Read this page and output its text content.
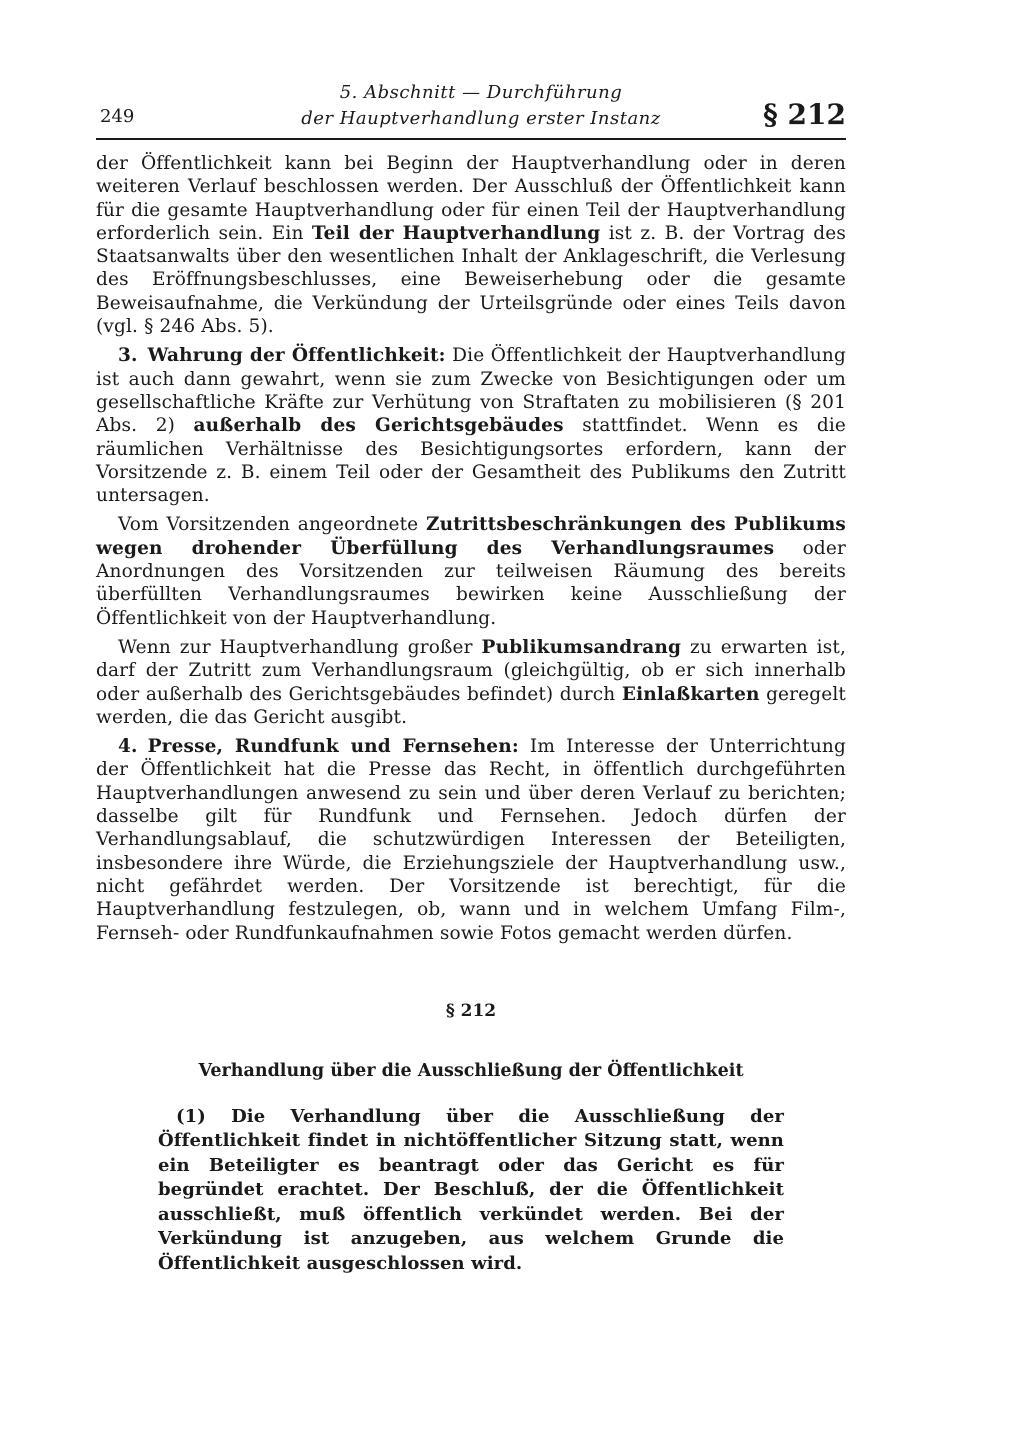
249
5. Abschnitt — Durchführung
der Hauptverhandlung erster Instanz	§ 212

der Öffentlichkeit kann bei Beginn der Hauptverhandlung oder in deren weiteren Verlauf beschlossen werden. Der Ausschluß der Öffentlichkeit kann für die gesamte Hauptverhandlung oder für einen Teil der Hauptverhandlung erforderlich sein. Ein Teil der Hauptverhandlung ist z. B. der Vortrag des Staatsanwalts über den wesentlichen Inhalt der Anklageschrift, die Verlesung des Eröffnungsbeschlusses, eine Beweiserhebung oder die gesamte Beweisaufnahme, die Verkündung der Urteilsgründe oder eines Teils davon (vgl. § 246 Abs. 5).

3. Wahrung der Öffentlichkeit: Die Öffentlichkeit der Hauptverhandlung ist auch dann gewahrt, wenn sie zum Zwecke von Besichtigungen oder um gesellschaftliche Kräfte zur Verhütung von Straftaten zu mobilisieren (§ 201 Abs. 2) außerhalb des Gerichtsgebäudes stattfindet. Wenn es die räumlichen Verhältnisse des Besichtigungsortes erfordern, kann der Vorsitzende z. B. einem Teil oder der Gesamtheit des Publikums den Zutritt untersagen.

Vom Vorsitzenden angeordnete Zutrittsbeschränkungen des Publikums wegen drohender Überfüllung des Verhandlungsraumes oder Anordnungen des Vorsitzenden zur teilweisen Räumung des bereits überfüllten Verhandlungsraumes bewirken keine Ausschließung der Öffentlichkeit von der Hauptverhandlung.

Wenn zur Hauptverhandlung großer Publikumsandrang zu erwarten ist, darf der Zutritt zum Verhandlungsraum (gleichgültig, ob er sich innerhalb oder außerhalb des Gerichtsgebäudes befindet) durch Einlaßkarten geregelt werden, die das Gericht ausgibt.

4. Presse, Rundfunk und Fernsehen: Im Interesse der Unterrichtung der Öffentlichkeit hat die Presse das Recht, in öffentlich durchgeführten Hauptverhandlungen anwesend zu sein und über deren Verlauf zu berichten; dasselbe gilt für Rundfunk und Fernsehen. Jedoch dürfen der Verhandlungsablauf, die schutzwürdigen Interessen der Beteiligten, insbesondere ihre Würde, die Erziehungsziele der Hauptverhandlung usw., nicht gefährdet werden. Der Vorsitzende ist berechtigt, für die Hauptverhandlung festzulegen, ob, wann und in welchem Umfang Film-, Fernseh- oder Rundfunkaufnahmen sowie Fotos gemacht werden dürfen.

§ 212
Verhandlung über die Ausschließung der Öffentlichkeit

(1) Die Verhandlung über die Ausschließung der Öffentlichkeit findet in nichtöffentlicher Sitzung statt, wenn ein Beteiligter es beantragt oder das Gericht es für begründet erachtet. Der Beschluß, der die Öffentlichkeit ausschließt, muß öffentlich verkündet werden. Bei der Verkündung ist anzugeben, aus welchem Grunde die Öffentlichkeit ausgeschlossen wird.
